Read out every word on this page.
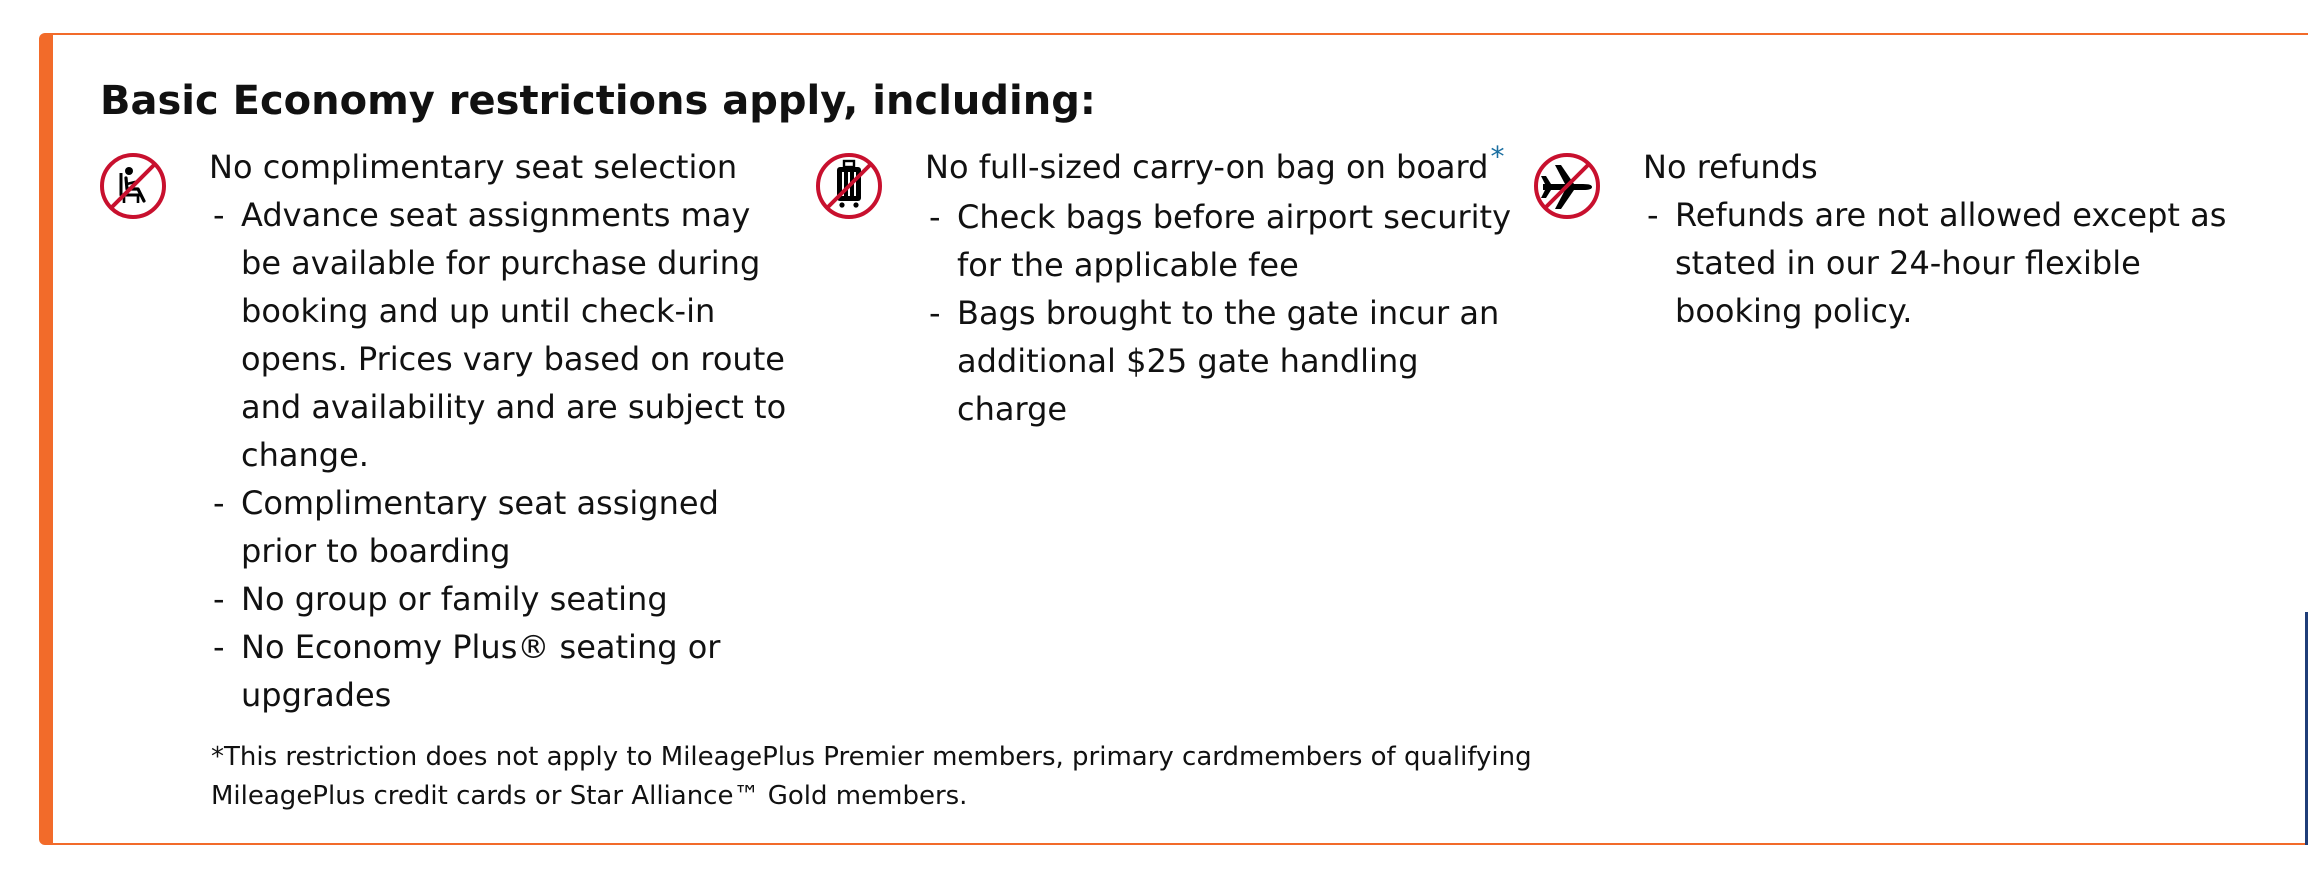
Basic Economy restrictions apply, including:

No complimentary seat selection

- Advance seat assignments may be available for purchase during booking and up until check-in opens. Prices vary based on route and availability and are subject to change.
- Complimentary seat assigned prior to boarding
- No group or family seating
- No Economy Plus® seating or upgrades

No full-sized carry-on bag on board*

- Check bags before airport security for the applicable fee
- Bags brought to the gate incur an additional $25 gate handling charge

No refunds

- Refunds are not allowed except as stated in our 24-hour flexible booking policy.

*This restriction does not apply to MileagePlus Premier members, primary cardmembers of qualifying MileagePlus credit cards or Star Alliance™ Gold members.
